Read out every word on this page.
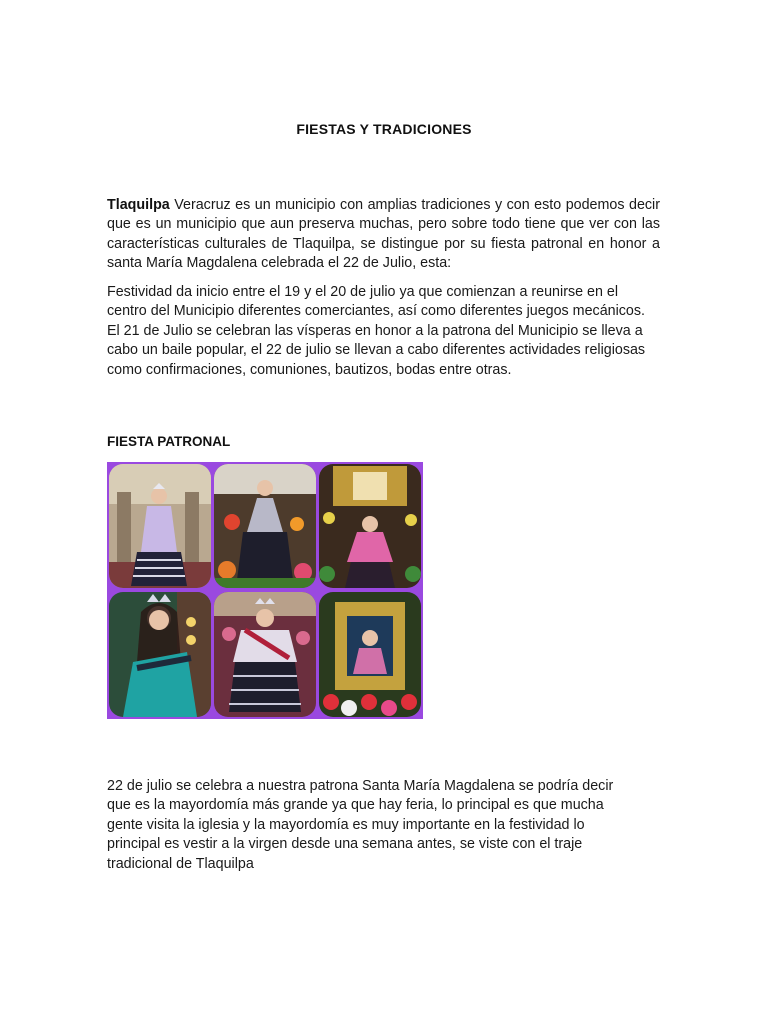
FIESTAS Y TRADICIONES
Tlaquilpa Veracruz es un municipio con amplias tradiciones y con esto podemos decir que es un municipio que aun preserva muchas, pero sobre todo tiene que ver con las características culturales de Tlaquilpa, se distingue por su fiesta patronal en honor a santa María Magdalena celebrada el 22 de Julio, esta:
Festividad da inicio entre el 19 y el 20 de julio ya que comienzan a reunirse en el centro del Municipio diferentes comerciantes, así como diferentes juegos mecánicos. El 21 de Julio se celebran las vísperas en honor a la patrona del Municipio se lleva a cabo un baile popular, el 22 de julio se llevan a cabo diferentes actividades religiosas como confirmaciones, comuniones, bautizos, bodas entre otras.
FIESTA PATRONAL
22 de julio se celebra a nuestra patrona Santa María Magdalena se podría decir que es la mayordomía más grande ya que hay feria, lo principal es que mucha gente visita la iglesia y la mayordomía es muy importante en la festividad lo principal es vestir a la virgen desde una semana antes, se viste con el traje tradicional de Tlaquilpa
